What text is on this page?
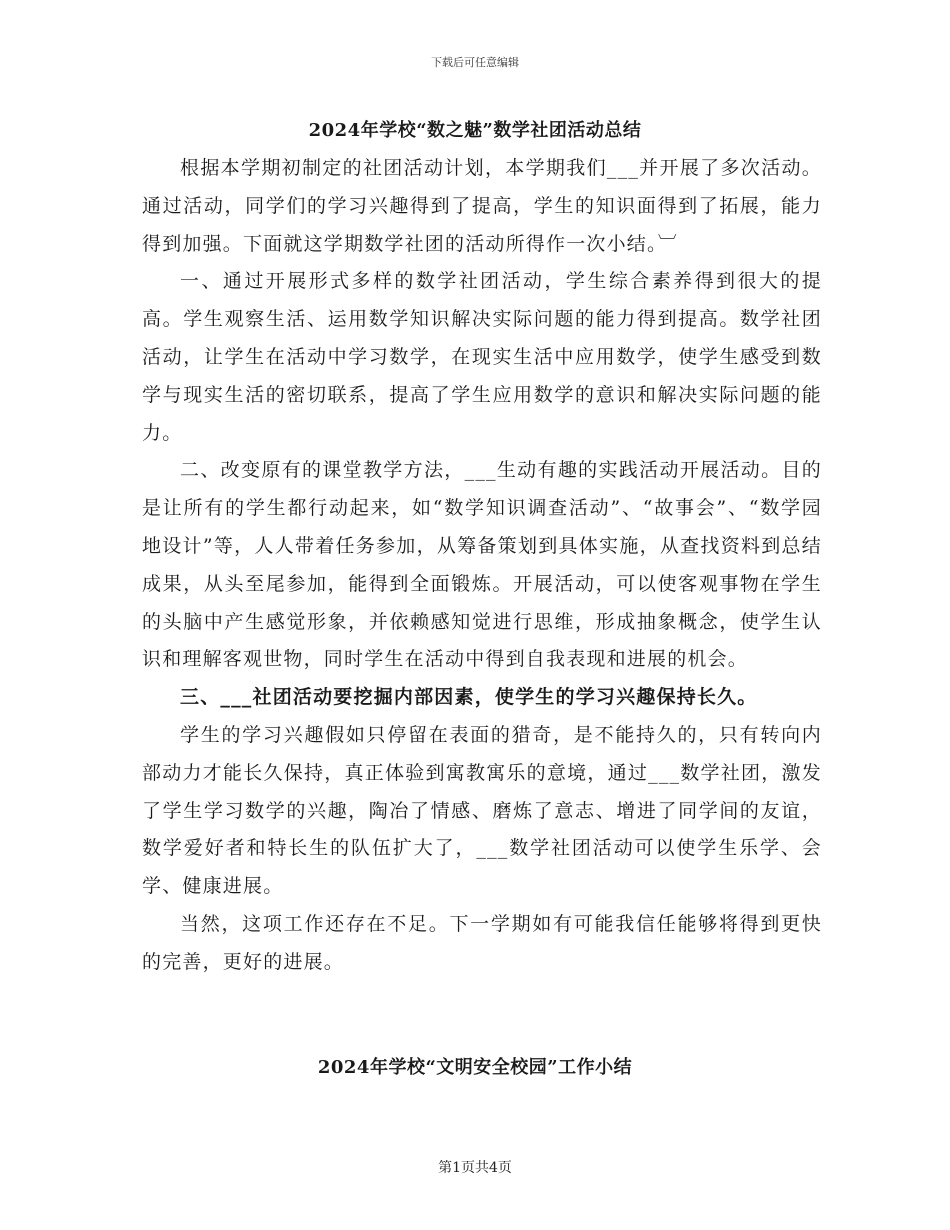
下载后可任意编辑
2024年学校“数之魅”数学社团活动总结

根据本学期初制定的社团活动计划，本学期我们___并开展了多次活动。通过活动，同学们的学习兴趣得到了提高，学生的知识面得到了拓展，能力得到加强。下面就这学期数学社团的活动所得作一次小结。︺

一、通过开展形式多样的数学社团活动，学生综合素养得到很大的提高。学生观察生活、运用数学知识解决实际问题的能力得到提高。数学社团活动，让学生在活动中学习数学，在现实生活中应用数学，使学生感受到数学与现实生活的密切联系，提高了学生应用数学的意识和解决实际问题的能力。

二、改变原有的课堂教学方法，___生动有趣的实践活动开展活动。目的是让所有的学生都行动起来，如“数学知识调查活动”、“故事会”、“数学园地设计”等，人人带着任务参加，从筹备策划到具体实施，从查找资料到总结成果，从头至尾参加，能得到全面锻炼。开展活动，可以使客观事物在学生的头脑中产生感觉形象，并依赖感知觉进行思维，形成抽象概念，使学生认识和理解客观世物，同时学生在活动中得到自我表现和进展的机会。

三、___社团活动要挖掘内部因素，使学生的学习兴趣保持长久。

学生的学习兴趣假如只停留在表面的猎奇，是不能持久的，只有转向内部动力才能长久保持，真正体验到寓教寓乐的意境，通过___数学社团，激发了学生学习数学的兴趣，陶冶了情感、磨炼了意志、增进了同学间的友谊，数学爱好者和特长生的队伍扩大了，___数学社团活动可以使学生乐学、会学、健康进展。

当然，这项工作还存在不足。下一学期如有可能我信任能够将得到更快的完善，更好的进展。

2024年学校“文明安全校园”工作小结
第1页共4页
